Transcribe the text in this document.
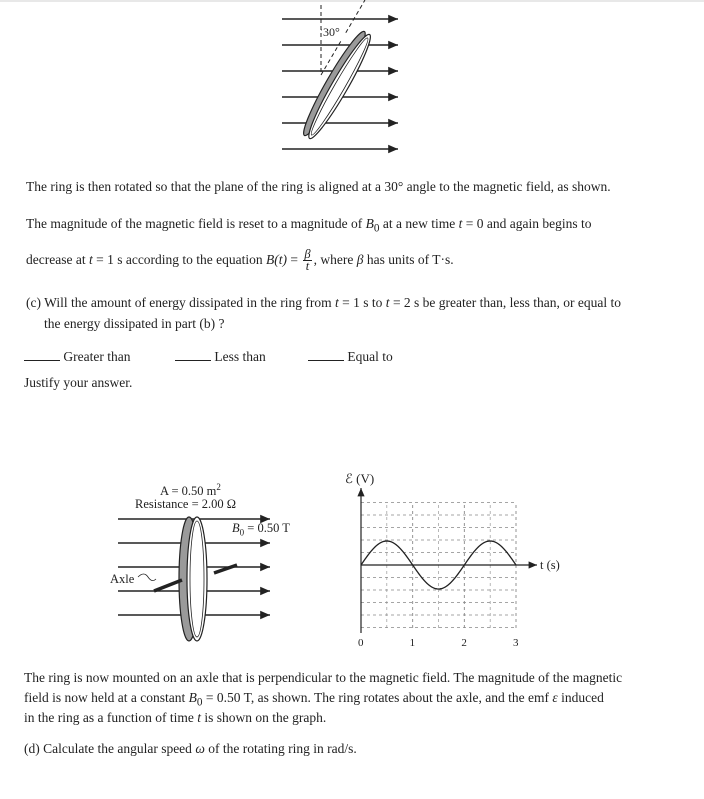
30°
The ring is then rotated so that the plane of the ring is aligned at a 30° angle to the magnetic field, as shown.
The magnitude of the magnetic field is reset to a magnitude of $B_0$ at a new time t = 0 and again begins to
decrease at t = 1 s according to the equation $B(t) = \frac{\beta}{t}$ , where β has units of T·s.
(c) Will the amount of energy dissipated in the ring from t = 1 s to t = 2 s be greater than, less than, or equal to
the energy dissipated in part (b) ?
Greater than	Less than	Equal to
Justify your answer.
A = 0.50 $m^2$
Resistance = 2.00 Ω
$B_0 = 0.50$ T
Axle
ℰ (V)
t (s)
0	1	2	3
The ring is now mounted on an axle that is perpendicular to the magnetic field. The magnitude of the magnetic
field is now held at a constant $B_0 = 0.50$ T, as shown. The ring rotates about the axle, and the emf ε induced
in the ring as a function of time t is shown on the graph.
(d) Calculate the angular speed ω of the rotating ring in rad/s.
